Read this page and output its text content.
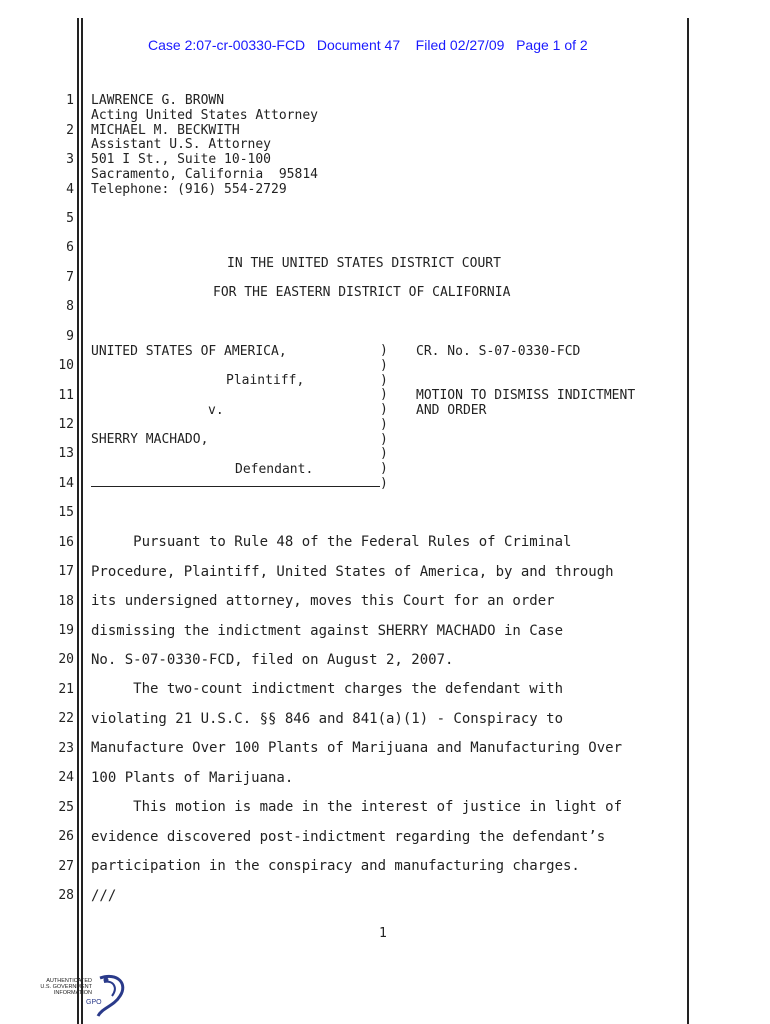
Case 2:07-cr-00330-FCD   Document 47    Filed 02/27/09   Page 1 of 2
1
2
3
4
5
6
7
8
9
10
11
12
13
14
15
16
17
18
19
20
21
22
23
24
25
26
27
28
LAWRENCE G. BROWN
Acting United States Attorney
MICHAEL M. BECKWITH
Assistant U.S. Attorney
501 I St., Suite 10-100
Sacramento, California  95814
Telephone: (916) 554-2729
IN THE UNITED STATES DISTRICT COURT
FOR THE EASTERN DISTRICT OF CALIFORNIA
UNITED STATES OF AMERICA,
Plaintiff,
v.
SHERRY MACHADO,
Defendant.
)
)
)
)
)
)
)
)
)
)
CR. No. S-07-0330-FCD
MOTION TO DISMISS INDICTMENT
AND ORDER
Pursuant to Rule 48 of the Federal Rules of Criminal
Procedure, Plaintiff, United States of America, by and through
its undersigned attorney, moves this Court for an order
dismissing the indictment against SHERRY MACHADO in Case
No. S-07-0330-FCD, filed on August 2, 2007.
The two-count indictment charges the defendant with
violating 21 U.S.C. §§ 846 and 841(a)(1) - Conspiracy to
Manufacture Over 100 Plants of Marijuana and Manufacturing Over
100 Plants of Marijuana.
This motion is made in the interest of justice in light of
evidence discovered post-indictment regarding the defendant’s
participation in the conspiracy and manufacturing charges.
///
1
AUTHENTICATED
U.S. GOVERNMENT
INFORMATION
GPO
